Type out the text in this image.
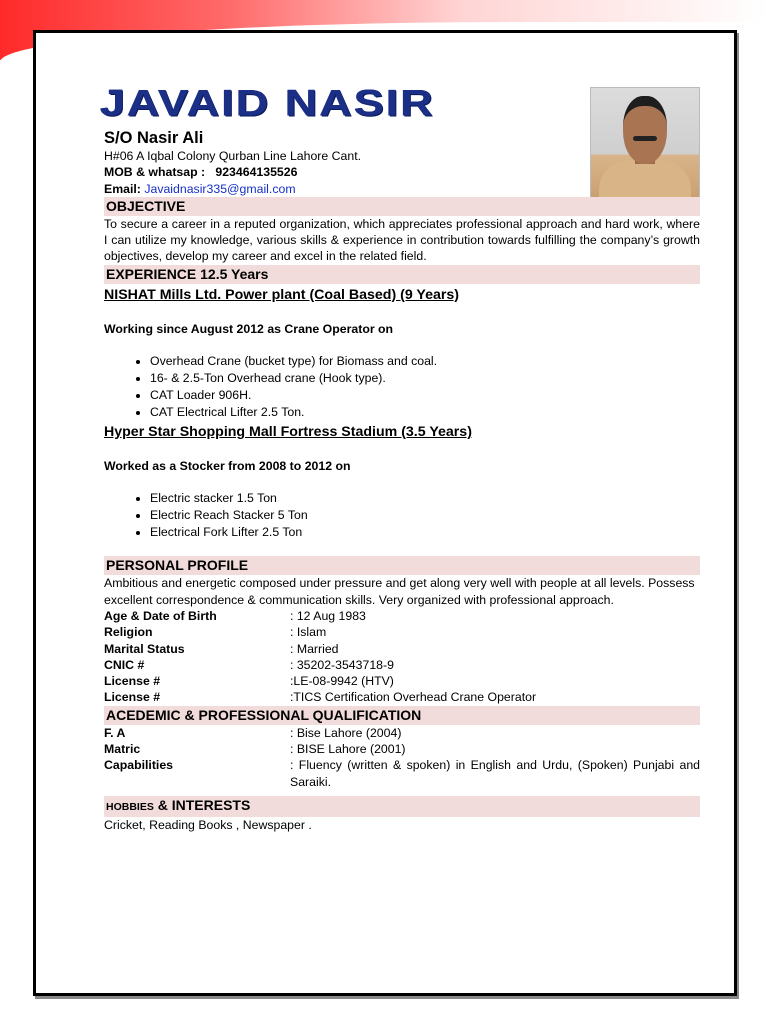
JAVAID NASIR
S/O Nasir Ali

H#06 A Iqbal Colony Qurban Line Lahore Cant.

MOB & whatsap : 923464135526

Email: Javaidnasir335@gmail.com

OBJECTIVE

To secure a career in a reputed organization, which appreciates professional approach and hard work, where I can utilize my knowledge, various skills & experience in contribution towards fulfilling the company’s growth objectives, develop my career and excel in the related field.

EXPERIENCE 12.5 Years
NISHAT Mills Ltd. Power plant (Coal Based) (9 Years)

Working since August 2012 as Crane Operator on

• Overhead Crane (bucket type) for Biomass and coal.
• 16- & 2.5-Ton Overhead crane (Hook type).
• CAT Loader 906H.
• CAT Electrical Lifter 2.5 Ton.
Hyper Star Shopping Mall Fortress Stadium (3.5 Years)

Worked as a Stocker from 2008 to 2012 on

• Electric stacker 1.5 Ton
• Electric Reach Stacker 5 Ton
• Electrical Fork Lifter 2.5 Ton
PERSONAL PROFILE

Ambitious and energetic composed under pressure and get along very well with people at all levels. Possess excellent correspondence & communication skills. Very organized with professional approach.

Age & Date of Birth	: 12 Aug 1983
Religion	: Islam
Marital Status	: Married
CNIC #	: 35202-3543718-9
License #	:LE-08-9942 (HTV)
License #	:TICS Certification Overhead Crane Operator
ACEDEMIC & PROFESSIONAL QUALIFICATION
F. A	: Bise Lahore (2004)
Matric	: BISE Lahore (2001)
Capabilities	: Fluency (written & spoken) in English and Urdu, (Spoken) Punjabi and Saraiki.
HOBBIES & INTERESTS

Cricket, Reading Books , Newspaper .
